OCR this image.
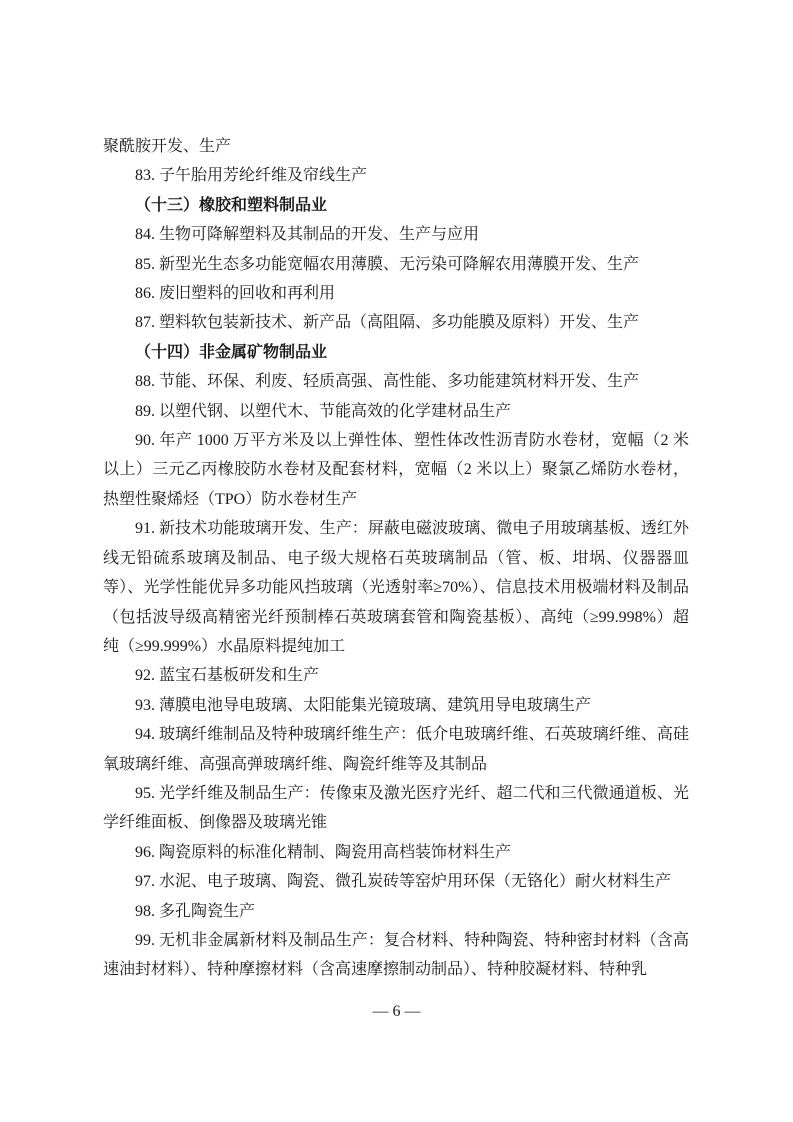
聚酰胺开发、生产

83. 子午胎用芳纶纤维及帘线生产

（十三）橡胶和塑料制品业

84. 生物可降解塑料及其制品的开发、生产与应用

85. 新型光生态多功能宽幅农用薄膜、无污染可降解农用薄膜开发、生产

86. 废旧塑料的回收和再利用

87. 塑料软包装新技术、新产品（高阻隔、多功能膜及原料）开发、生产

（十四）非金属矿物制品业

88. 节能、环保、利废、轻质高强、高性能、多功能建筑材料开发、生产

89. 以塑代钢、以塑代木、节能高效的化学建材品生产

90. 年产 1000 万平方米及以上弹性体、塑性体改性沥青防水卷材，宽幅（2 米以上）三元乙丙橡胶防水卷材及配套材料，宽幅（2 米以上）聚氯乙烯防水卷材，热塑性聚烯烃（TPO）防水卷材生产

91. 新技术功能玻璃开发、生产：屏蔽电磁波玻璃、微电子用玻璃基板、透红外线无铅硫系玻璃及制品、电子级大规格石英玻璃制品（管、板、坩埚、仪器器皿等）、光学性能优异多功能风挡玻璃（光透射率≥70%）、信息技术用极端材料及制品（包括波导级高精密光纤预制棒石英玻璃套管和陶瓷基板）、高纯（≥99.998%）超纯（≥99.999%）水晶原料提纯加工

92. 蓝宝石基板研发和生产

93. 薄膜电池导电玻璃、太阳能集光镜玻璃、建筑用导电玻璃生产

94. 玻璃纤维制品及特种玻璃纤维生产：低介电玻璃纤维、石英玻璃纤维、高硅氧玻璃纤维、高强高弹玻璃纤维、陶瓷纤维等及其制品

95. 光学纤维及制品生产：传像束及激光医疗光纤、超二代和三代微通道板、光学纤维面板、倒像器及玻璃光锥

96. 陶瓷原料的标准化精制、陶瓷用高档装饰材料生产

97. 水泥、电子玻璃、陶瓷、微孔炭砖等窑炉用环保（无铬化）耐火材料生产

98. 多孔陶瓷生产

99. 无机非金属新材料及制品生产：复合材料、特种陶瓷、特种密封材料（含高速油封材料）、特种摩擦材料（含高速摩擦制动制品）、特种胶凝材料、特种乳

— 6 —
